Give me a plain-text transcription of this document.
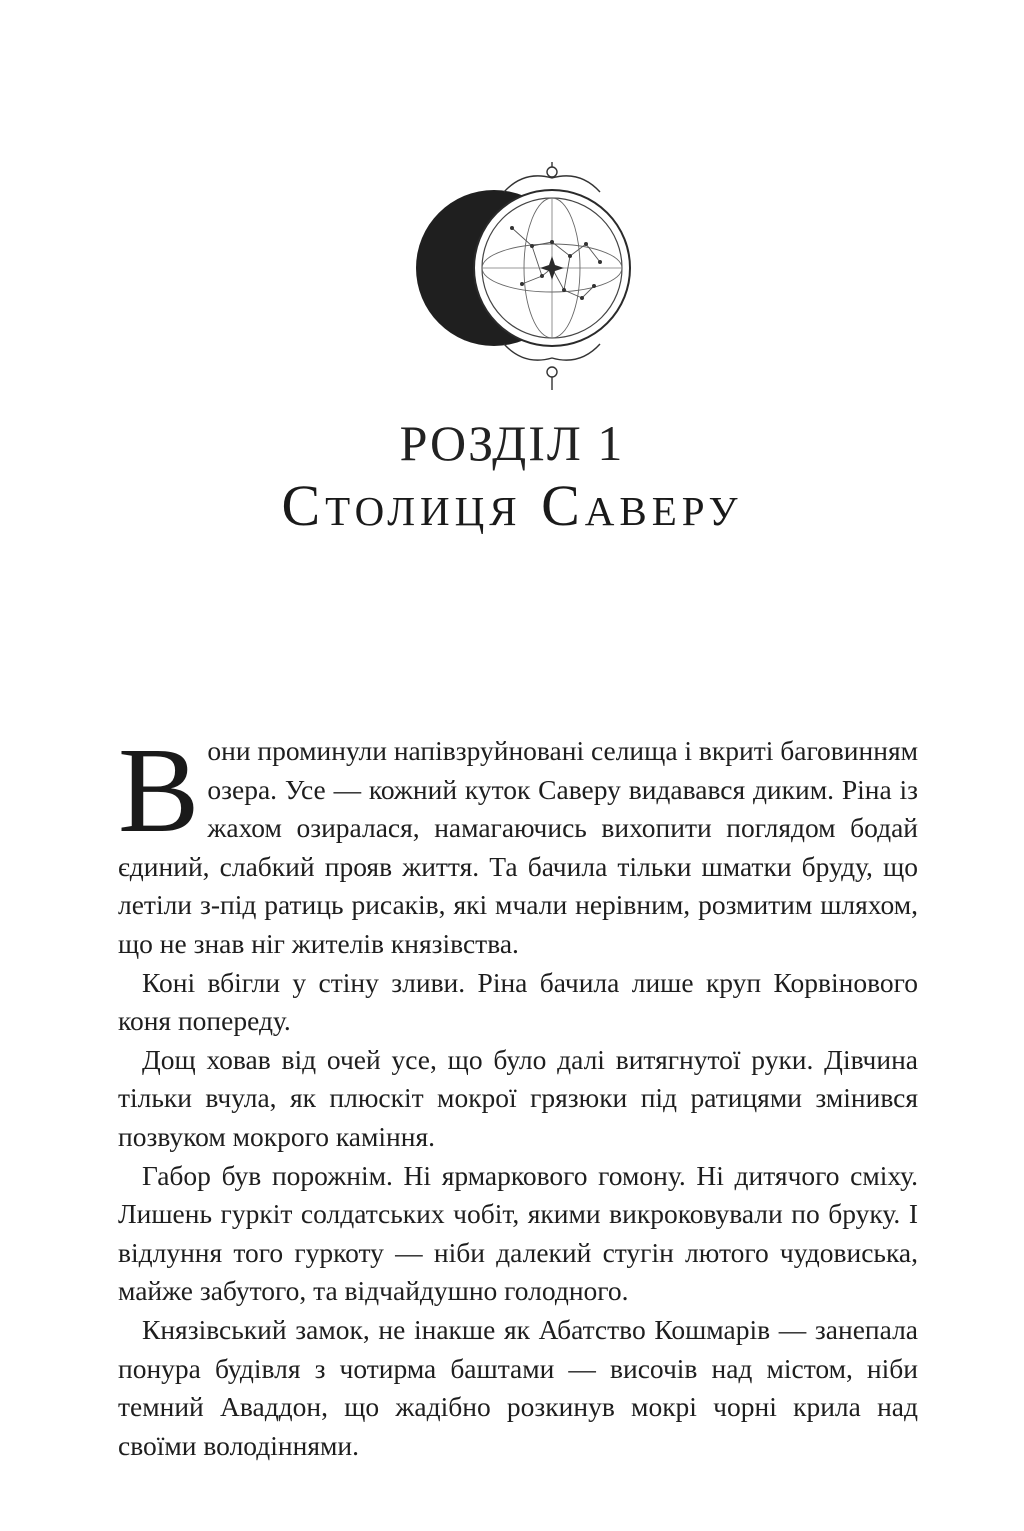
РОЗДІЛ 1
Столиця Саверу

Вони проминули напівзруйновані селища і вкриті баговинням озера. Усе — кожний куток Саверу видавався диким. Ріна із жахом озиралася, намагаючись вихопити поглядом бодай єдиний, слабкий прояв життя. Та бачила тільки шматки бруду, що летіли з-під ратиць рисаків, які мчали нерівним, розмитим шляхом, що не знав ніг жителів князівства.

Коні вбігли у стіну зливи. Ріна бачила лише круп Корвінового коня попереду.

Дощ ховав від очей усе, що було далі витягнутої руки. Дівчина тільки вчула, як плюскіт мокрої грязюки під ратицями змінився позвуком мокрого каміння.

Габор був порожнім. Ні ярмаркового гомону. Ні дитячого сміху. Лишень гуркіт солдатських чобіт, якими викроковували по бруку. І відлуння того гуркоту — ніби далекий стугін лютого чудовиська, майже забутого, та відчайдушно голодного.

Князівський замок, не інакше як Абатство Кошмарів — занепала понура будівля з чотирма баштами — височів над містом, ніби темний Аваддон, що жадібно розкинув мокрі чорні крила над своїми володіннями.
